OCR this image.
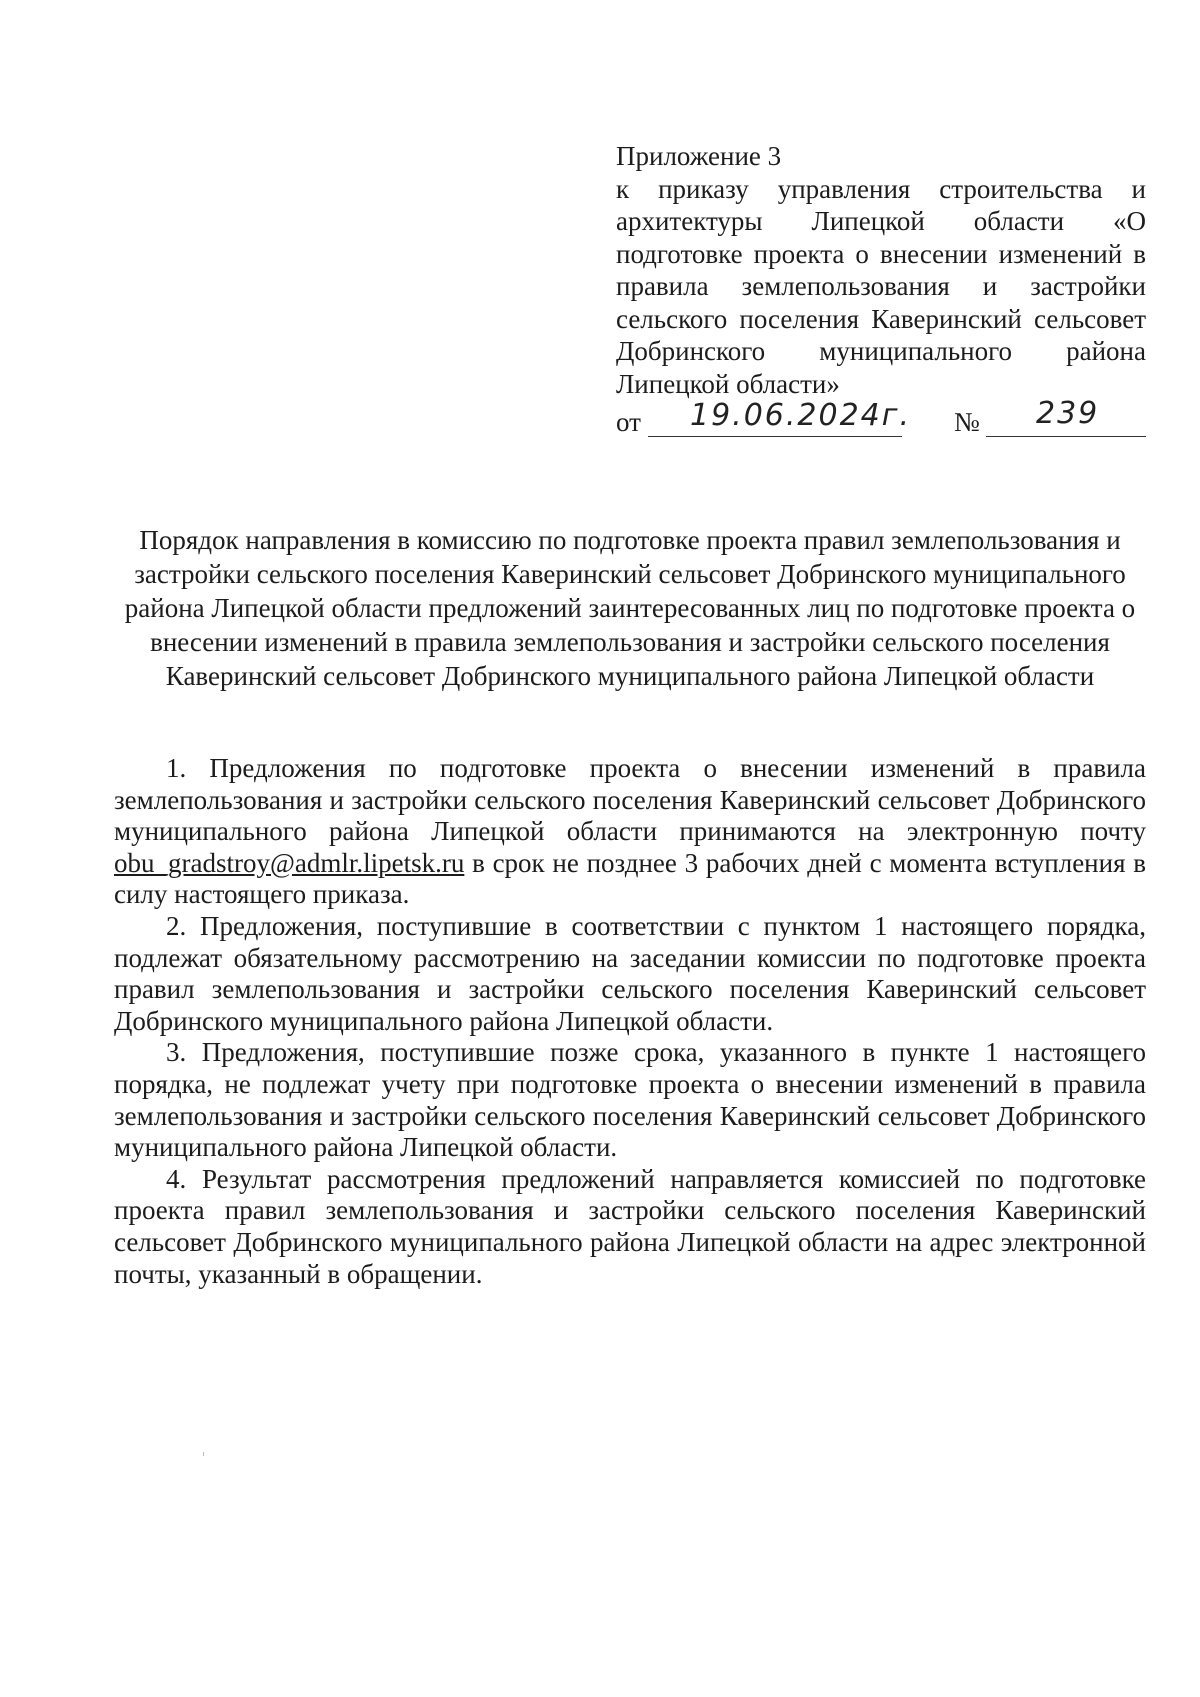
Приложение 3
к приказу управления строительства и архитектуры Липецкой области «О подготовке проекта о внесении изменений в правила землепользования и застройки сельского поселения Каверинский сельсовет Добринского муниципального района Липецкой области»
от 19.06.2024г. № 239
Порядок направления в комиссию по подготовке проекта правил землепользования и застройки сельского поселения Каверинский сельсовет Добринского муниципального района Липецкой области предложений заинтересованных лиц по подготовке проекта о внесении изменений в правила землепользования и застройки сельского поселения Каверинский сельсовет Добринского муниципального района Липецкой области

1. Предложения по подготовке проекта о внесении изменений в правила землепользования и застройки сельского поселения Каверинский сельсовет Добринского муниципального района Липецкой области принимаются на электронную почту obu_gradstroy@admlr.lipetsk.ru в срок не позднее 3 рабочих дней с момента вступления в силу настоящего приказа.

2. Предложения, поступившие в соответствии с пунктом 1 настоящего порядка, подлежат обязательному рассмотрению на заседании комиссии по подготовке проекта правил землепользования и застройки сельского поселения Каверинский сельсовет Добринского муниципального района Липецкой области.

3. Предложения, поступившие позже срока, указанного в пункте 1 настоящего порядка, не подлежат учету при подготовке проекта о внесении изменений в правила землепользования и застройки сельского поселения Каверинский сельсовет Добринского муниципального района Липецкой области.

4. Результат рассмотрения предложений направляется комиссией по подготовке проекта правил землепользования и застройки сельского поселения Каверинский сельсовет Добринского муниципального района Липецкой области на адрес электронной почты, указанный в обращении.
